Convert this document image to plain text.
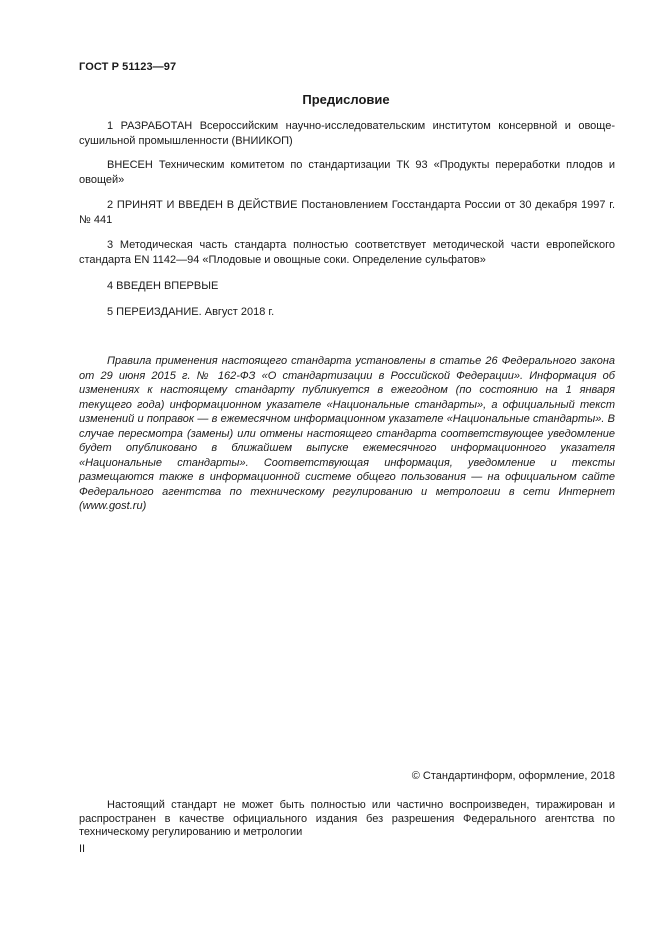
ГОСТ Р 51123—97
Предисловие

1 РАЗРАБОТАН Всероссийским научно-исследовательским институтом консервной и овоще-сушильной промышленности (ВНИИКОП)

ВНЕСЕН Техническим комитетом по стандартизации ТК 93 «Продукты переработки плодов и овощей»

2 ПРИНЯТ И ВВЕДЕН В ДЕЙСТВИЕ Постановлением Госстандарта России от 30 декабря 1997 г. № 441

3 Методическая часть стандарта полностью соответствует методической части европейского стандарта EN 1142—94 «Плодовые и овощные соки. Определение сульфатов»

4 ВВЕДЕН ВПЕРВЫЕ

5 ПЕРЕИЗДАНИЕ. Август 2018 г.

Правила применения настоящего стандарта установлены в статье 26 Федерального закона от 29 июня 2015 г. № 162-ФЗ «О стандартизации в Российской Федерации». Информация об изменениях к настоящему стандарту публикуется в ежегодном (по состоянию на 1 января текущего года) информационном указателе «Национальные стандарты», а официальный текст изменений и поправок — в ежемесячном информационном указателе «Национальные стандарты». В случае пересмотра (замены) или отмены настоящего стандарта соответствующее уведомление будет опубликовано в ближайшем выпуске ежемесячного информационного указателя «Национальные стандарты». Соответствующая информация, уведомление и тексты размещаются также в информационной системе общего пользования — на официальном сайте Федерального агентства по техническому регулированию и метрологии в сети Интернет (www.gost.ru)

© Стандартинформ, оформление, 2018

Настоящий стандарт не может быть полностью или частично воспроизведен, тиражирован и распространен в качестве официального издания без разрешения Федерального агентства по техническому регулированию и метрологии

II
